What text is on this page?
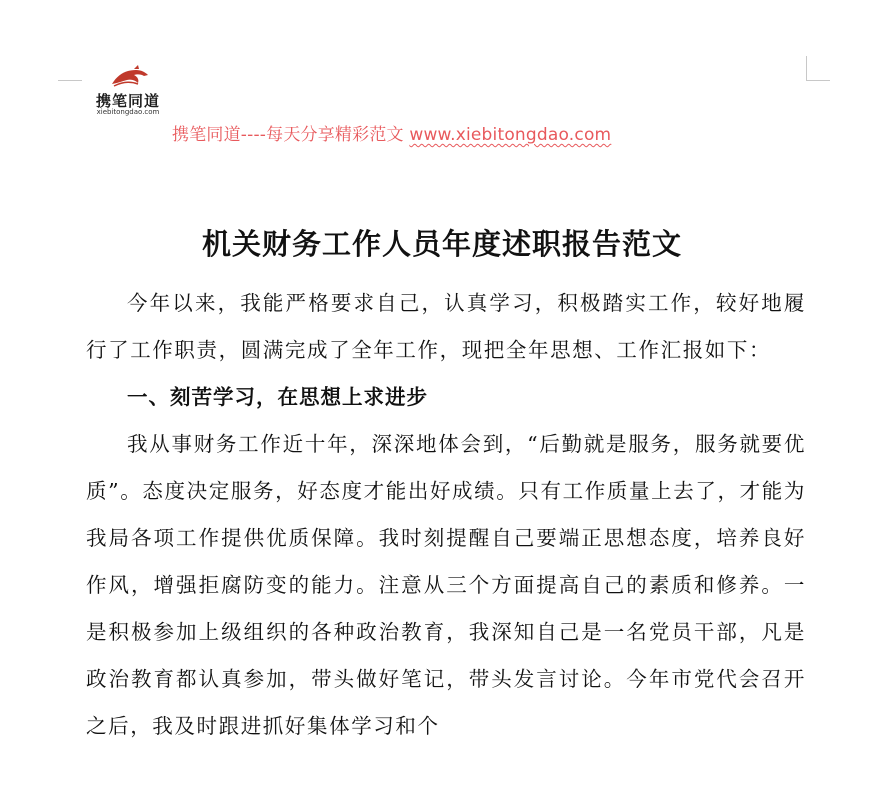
携笔同道
xiebitongdao.com
携笔同道----每天分享精彩范文 www.xiebitongdao.com
机关财务工作人员年度述职报告范文

今年以来，我能严格要求自己，认真学习，积极踏实工作，较好地履行了工作职责，圆满完成了全年工作，现把全年思想、工作汇报如下：

一、刻苦学习，在思想上求进步

我从事财务工作近十年，深深地体会到，“后勤就是服务，服务就要优质”。态度决定服务，好态度才能出好成绩。只有工作质量上去了，才能为我局各项工作提供优质保障。我时刻提醒自己要端正思想态度，培养良好作风，增强拒腐防变的能力。注意从三个方面提高自己的素质和修养。一是积极参加上级组织的各种政治教育，我深知自己是一名党员干部，凡是政治教育都认真参加，带头做好笔记，带头发言讨论。今年市党代会召开之后，我及时跟进抓好集体学习和个
